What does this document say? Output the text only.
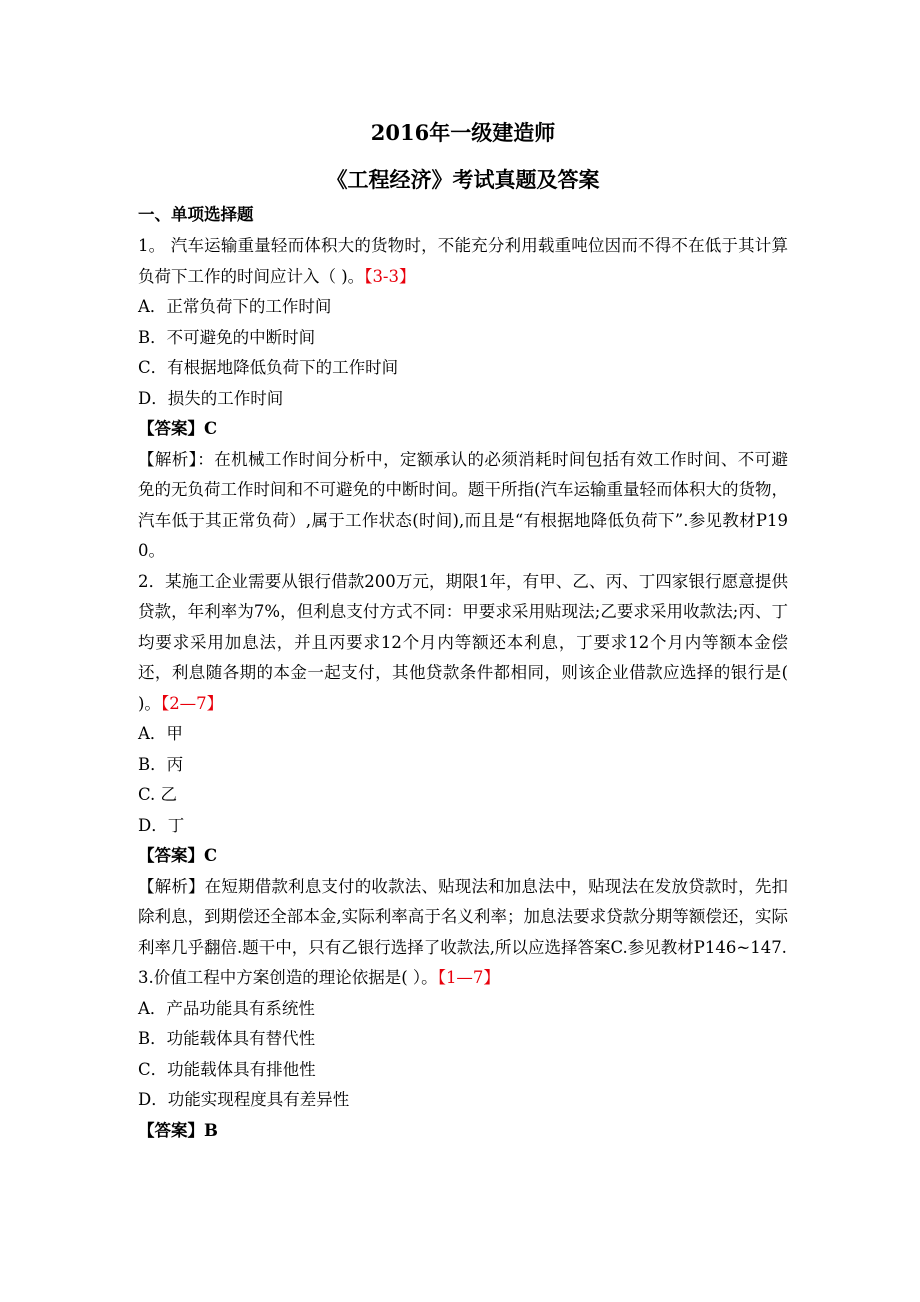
2016年一级建造师

《工程经济》考试真题及答案

一、单项选择题

1。 汽车运输重量轻而体积大的货物时，不能充分利用载重吨位因而不得不在低于其计算负荷下工作的时间应计入（ )。【3-3】

A．正常负荷下的工作时间

B．不可避免的中断时间

C．有根据地降低负荷下的工作时间

D．损失的工作时间

【答案】C

【解析】：在机械工作时间分析中，定额承认的必须消耗时间包括有效工作时间、不可避免的无负荷工作时间和不可避免的中断时间。题干所指(汽车运输重量轻而体积大的货物，汽车低于其正常负荷）,属于工作状态(时间),而且是“有根据地降低负荷下”.参见教材P190。

2．某施工企业需要从银行借款200万元，期限1年，有甲、乙、丙、丁四家银行愿意提供贷款，年利率为7%，但利息支付方式不同：甲要求采用贴现法;乙要求采用收款法;丙、丁均要求采用加息法，并且丙要求12个月内等额还本利息，丁要求12个月内等额本金偿还，利息随各期的本金一起支付，其他贷款条件都相同，则该企业借款应选择的银行是( )。【2—7】

A．甲

B．丙

C. 乙

D．丁

【答案】C

【解析】在短期借款利息支付的收款法、贴现法和加息法中，贴现法在发放贷款时，先扣除利息，到期偿还全部本金,实际利率高于名义利率；加息法要求贷款分期等额偿还，实际利率几乎翻倍.题干中，只有乙银行选择了收款法,所以应选择答案C.参见教材P146~147.

3.价值工程中方案创造的理论依据是( ）。【1—7】

A．产品功能具有系统性

B．功能载体具有替代性

C．功能载体具有排他性

D．功能实现程度具有差异性

【答案】B
